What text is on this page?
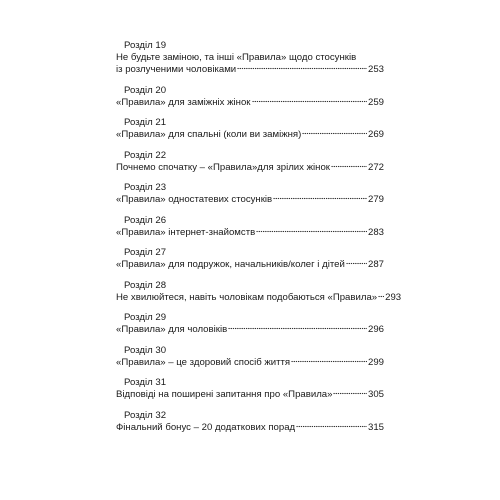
Розділ 19
Не будьте заміною, та інші «Правила» щодо стосунків
із розлученими чоловіками	253
Розділ 20
«Правила» для заміжніх жінок	259
Розділ 21
«Правила» для спальні (коли ви заміжня)	269
Розділ 22
Почнемо спочатку – «Правила»для зрілих жінок	272
Розділ 23
«Правила» одностатевих стосунків	279
Розділ 26
«Правила» інтернет-знайомств	283
Розділ 27
«Правила» для подружок, начальників/колег і дітей 287
Розділ 28
Не хвилюйтеся, навіть чоловікам подобаються «Правила» 293
Розділ 29
«Правила» для чоловіків	296
Розділ 30
«Правила» – це здоровий спосіб життя	299
Розділ 31
Відповіді на поширені запитання про «Правила»	305
Розділ 32
Фінальний бонус – 20 додаткових порад	315
